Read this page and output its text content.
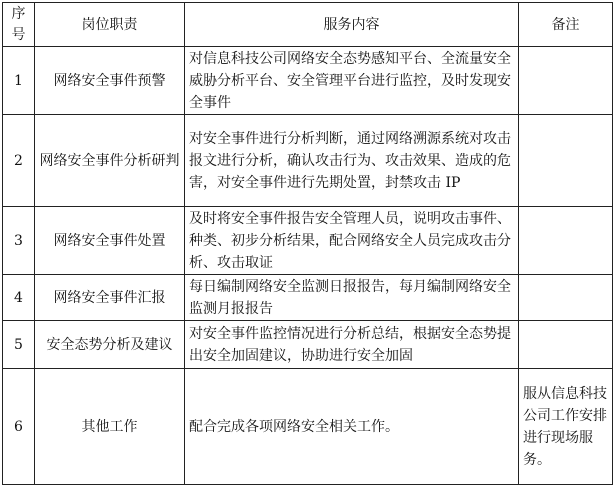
序号	岗位职责	服务内容	备注
1	网络安全事件预警	对信息科技公司网络安全态势感知平台、全流量安全威胁分析平台、安全管理平台进行监控，及时发现安全事件	
2	网络安全事件分析研判	对安全事件进行分析判断，通过网络溯源系统对攻击报文进行分析，确认攻击行为、攻击效果、造成的危害，对安全事件进行先期处置，封禁攻击 IP	
3	网络安全事件处置	及时将安全事件报告安全管理人员，说明攻击事件、种类、初步分析结果，配合网络安全人员完成攻击分析、攻击取证	
4	网络安全事件汇报	每日编制网络安全监测日报报告，每月编制网络安全监测月报报告	
5	安全态势分析及建议	对安全事件监控情况进行分析总结，根据安全态势提出安全加固建议，协助进行安全加固	
6	其他工作	配合完成各项网络安全相关工作。	服从信息科技公司工作安排进行现场服务。
